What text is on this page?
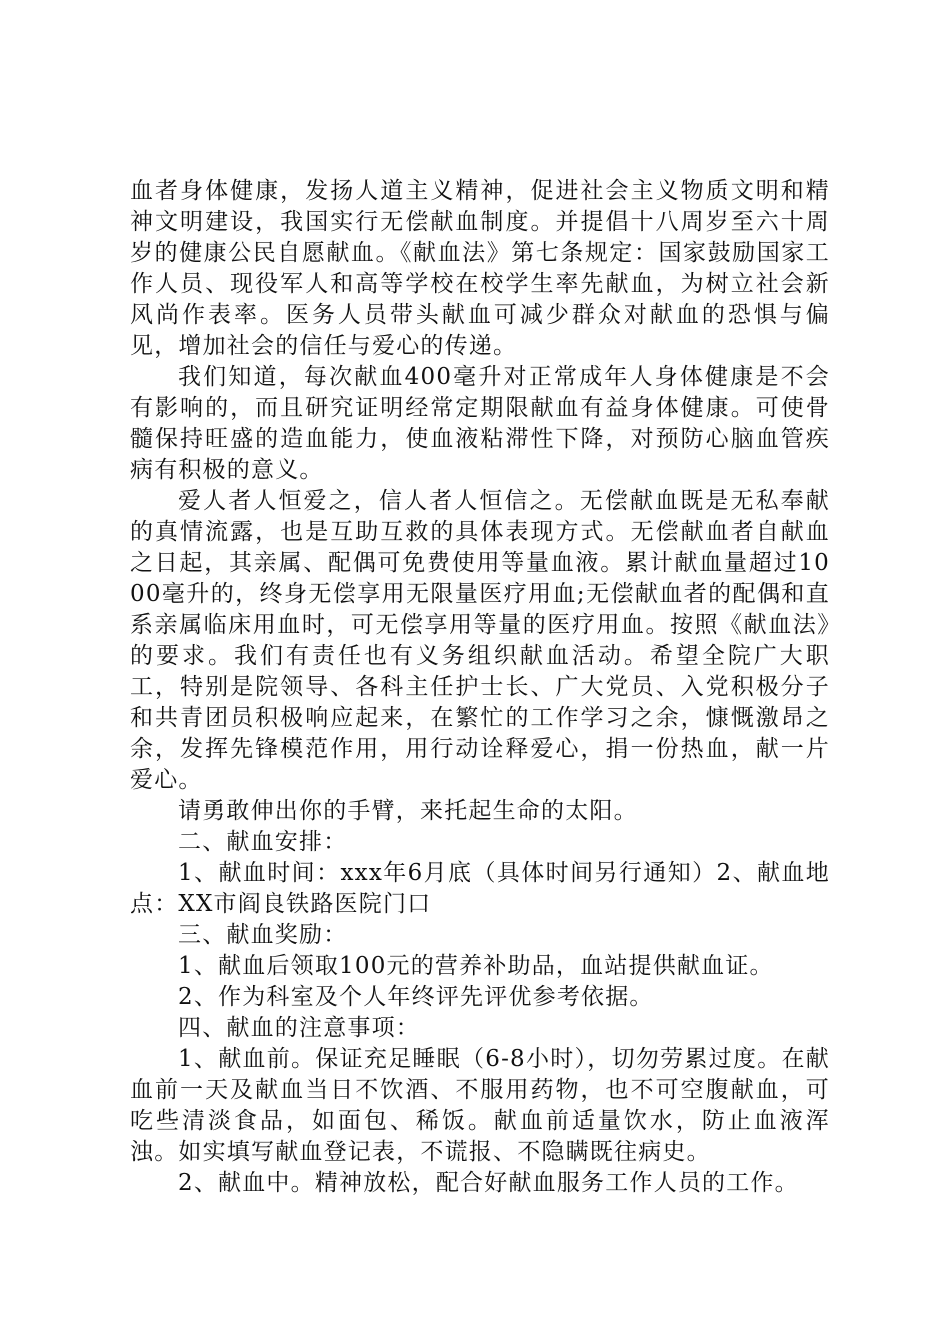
血者身体健康，发扬人道主义精神，促进社会主义物质文明和精神文明建设，我国实行无偿献血制度。并提倡十八周岁至六十周岁的健康公民自愿献血。《献血法》第七条规定：国家鼓励国家工作人员、现役军人和高等学校在校学生率先献血，为树立社会新风尚作表率。医务人员带头献血可减少群众对献血的恐惧与偏见，增加社会的信任与爱心的传递。

我们知道，每次献血400毫升对正常成年人身体健康是不会有影响的，而且研究证明经常定期限献血有益身体健康。可使骨髓保持旺盛的造血能力，使血液粘滞性下降，对预防心脑血管疾病有积极的意义。

爱人者人恒爱之，信人者人恒信之。无偿献血既是无私奉献的真情流露，也是互助互救的具体表现方式。无偿献血者自献血之日起，其亲属、配偶可免费使用等量血液。累计献血量超过1000毫升的，终身无偿享用无限量医疗用血;无偿献血者的配偶和直系亲属临床用血时，可无偿享用等量的医疗用血。按照《献血法》的要求。我们有责任也有义务组织献血活动。希望全院广大职工，特别是院领导、各科主任护士长、广大党员、入党积极分子和共青团员积极响应起来，在繁忙的工作学习之余，慷慨激昂之余，发挥先锋模范作用，用行动诠释爱心，捐一份热血，献一片爱心。

请勇敢伸出你的手臂，来托起生命的太阳。

二、献血安排：

1、献血时间：xxx年6月底（具体时间另行通知）2、献血地点：XX市阎良铁路医院门口

三、献血奖励：

1、献血后领取100元的营养补助品，血站提供献血证。

2、作为科室及个人年终评先评优参考依据。

四、献血的注意事项：

1、献血前。保证充足睡眠（6-8小时），切勿劳累过度。在献血前一天及献血当日不饮酒、不服用药物，也不可空腹献血，可吃些清淡食品，如面包、稀饭。献血前适量饮水，防止血液浑浊。如实填写献血登记表，不谎报、不隐瞒既往病史。

2、献血中。精神放松，配合好献血服务工作人员的工作。
